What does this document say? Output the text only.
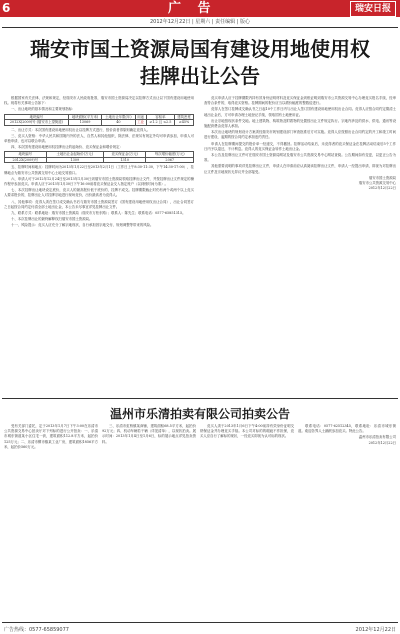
6	广 告	瑞安日报
2012年12月22日 | 星期六 | 责任编辑 | 版心
瑞安市国土资源局国有建设用地使用权
挂牌出让公告

根据国家有关法律、法规和规定，经瑞安市人民政府批准，瑞安市国土资源局决定以挂牌方式出让以下国有建设用地使用权。现将有关事项公告如下：

一、出让地块的基本情况和主要规划指标：

地块编号	地块面积(平方米)	土地出让年限(年)	用途	容积率	建筑密度
2012X(2009)号 (瑞安市上望街道)	13069	40	工业	≥1.2 且 ≤2.5	≥45%

二、出让方式：本次国有建设用地使用权出让以挂牌方式进行，按价高者得原则确定竞得人。

三、竞买人资格：中华人民共和国境内外的法人、自然人和其他组织，除法律、法规另有规定外均可申请参加，申请人可单独申请，也可以联合申请。

四、本次国有建设用地使用权挂牌出让的起始价、竞买保证金和增价规定：

地块编号	土地出让金起始价(万元)	竞买保证金(万元)	每次增价幅度(万元)
2012X(2009)号	1309	1310	2067

五、挂牌时间和地点：挂牌时间为2013年1月22日至2013年2月1日（工作日上午8:30-11:30，下午14:30-17:00），挂牌地点为瑞安市公共资源交易中心土地交易窗口。

六、申请人可于2012年12月24日至2013年1月30日到瑞安市国土资源局领取挂牌出让文件，并按挂牌出让文件规定的操作程序参加竞买。申请人应于2013年1月30日下午16:00前将竞买保证金交入指定账户（以到账时间为准）。

七、本次挂牌出让地块设定底价，竞买人的最高报价低于底价的，挂牌不成交。挂牌期限截止时仍有两个或两个以上竞买人要求报价的，挂牌出让人对挂牌宗地进行现场竞价，出价最高者为竞得人。

八、其他事项：竞得人须在签订成交确认书后与瑞安市国土资源局签订《国有建设用地使用权出让合同》，出让合同签订之日起按合同约定付清全部土地出让金，本公告未尽事宜详见挂牌出让文件。

九、联系方式：联系地址：瑞安市国土资源局（瑞安市万松东路）；联系人：陈先生；联系电话：0577-65851315。

十、本次挂牌出让的最终解释权归瑞安市国土资源局。

十一、风险提示：竞买人应充分了解宗地现状，自行承担因宗地交付、规划调整等带来的风险。

竞买申请人应于挂牌期限内持有效身份证明材料及竞买保证金到账证明到瑞安市公共资源交易中心办理竞买报名手续，经审查符合条件的，取得竞买资格。挂牌期间的报价应当以增价幅度的整数倍进行。

竞得人在签订挂牌成交确认书之日起10个工作日内与出让人签订国有建设用地使用权出让合同。竞得人应按合同约定缴清土地出让金后，方可申请办理土地登记手续，领取国有土地使用证。

出让宗地按现状条件交地。地上建筑物、构筑物及附着物的处置按出让文件规定执行。宗地内涉及的供水、供电、通讯等设施配套费由竞得人承担。

本次出让地块的规划设计方案须经瑞安市规划建设部门审查批准后方可实施。竞得人应按照出让合同约定的开工和竣工时间进行建设，逾期的按合同约定承担违约责任。

申请人在挂牌期间提交的报价单一经递交，不得撤回。挂牌活动结束后，未竞得者的竞买保证金在挂牌活动结束后5个工作日内予以退还，不计利息。竞得人的竞买保证金转作土地出让金。

本公告及挂牌出让文件可在瑞安市国土资源局网站及瑞安市公共资源交易中心网站查阅。公告期间如有变更，以更正公告为准。

其他需要说明的事项详见挂牌出让文件，申请人在申请前应认真阅读挂牌出让文件，申请人一经提出申请，即视为对挂牌出让文件及宗地现状无异议并全部接受。

瑞安市国土资源局
瑞安市公共资源交易中心
2012年12月22日
温州市乐清拍卖有限公司拍卖公告

受有关部门委托，定于2013年1月7日下午3:00在乐清市公共资源交易中心拍卖厅对下列标的进行公开拍卖：一、乐清市城东街道某小区住宅一套，建筑面积112.8平方米，起拍价125万元；二、乐清市柳市镇某工业厂房，建筑面积1856平方米，起拍价560万元。

三、乐清市虹桥镇某商铺，建筑面积68.5平方米，起拍价92万元；四、机动车辆若干辆（详见清单），以现状拍卖。展示时间：2013年1月4日至1月6日，标的展示地点详见拍卖资料。

竞买人须于2013年1月6日下午4:00前持有效身份证明交纳保证金并办理竞买手续。本公司对标的的瑕疵不作担保，竞买人应自行了解标的现状，一经竞买即视为认可标的现状。

联系电话：0577-62512345，联系地址：乐清市城东街道。欢迎各界人士踊跃参加竞买。特此公告。

温州市乐清拍卖有限公司
2012年12月22日
广告热线：0577-65859077	2012年12月22日
